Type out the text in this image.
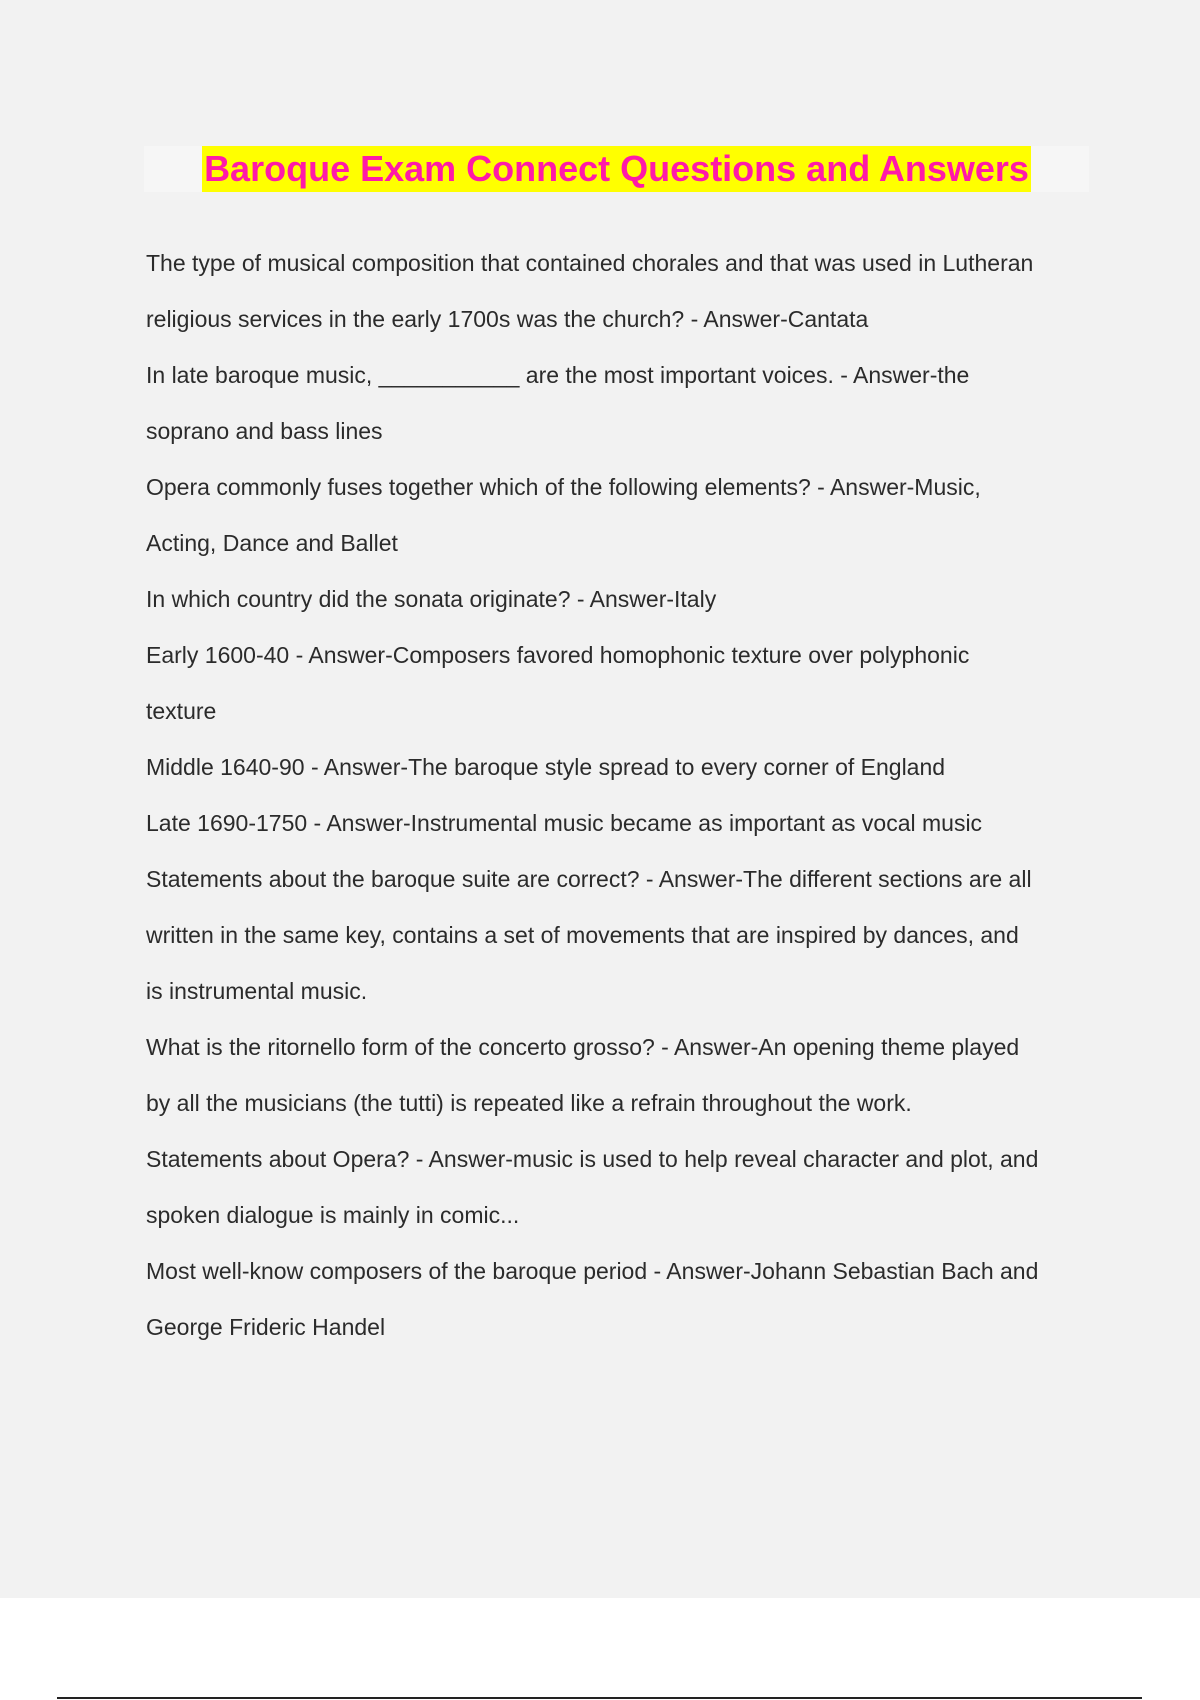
Baroque Exam Connect Questions and Answers
The type of musical composition that contained chorales and that was used in Lutheran
religious services in the early 1700s was the church? - Answer-Cantata
In late baroque music, ___________ are the most important voices. - Answer-the
soprano and bass lines
Opera commonly fuses together which of the following elements? - Answer-Music,
Acting, Dance and Ballet
In which country did the sonata originate? - Answer-Italy
Early 1600-40 - Answer-Composers favored homophonic texture over polyphonic
texture
Middle 1640-90 - Answer-The baroque style spread to every corner of England
Late 1690-1750 - Answer-Instrumental music became as important as vocal music
Statements about the baroque suite are correct? - Answer-The different sections are all
written in the same key, contains a set of movements that are inspired by dances, and
is instrumental music.
What is the ritornello form of the concerto grosso? - Answer-An opening theme played
by all the musicians (the tutti) is repeated like a refrain throughout the work.
Statements about Opera? - Answer-music is used to help reveal character and plot, and
spoken dialogue is mainly in comic...
Most well-know composers of the baroque period - Answer-Johann Sebastian Bach and
George Frideric Handel
